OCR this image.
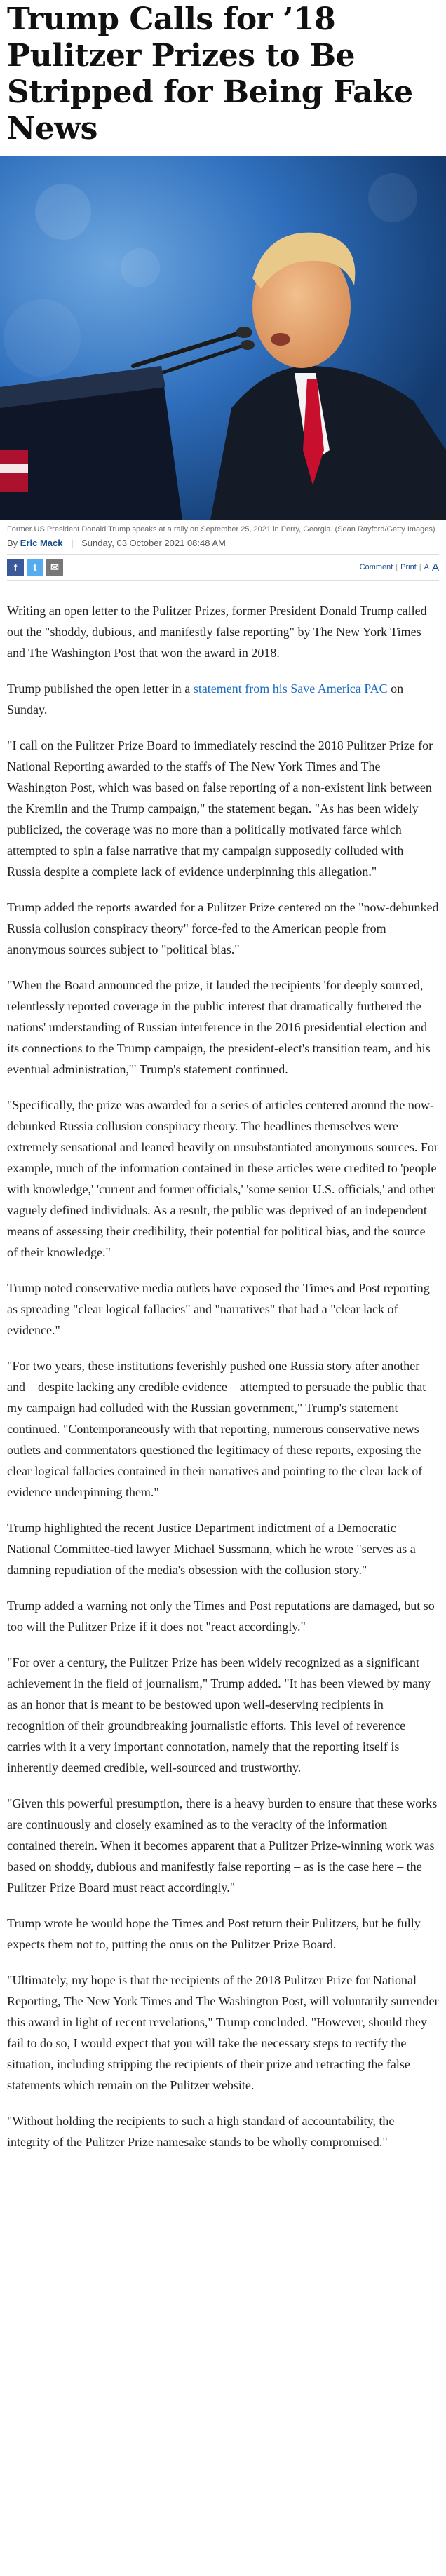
Trump Calls for ’18 Pulitzer Prizes to Be Stripped for Being Fake News
Former US President Donald Trump speaks at a rally on September 25, 2021 in Perry, Georgia. (Sean Rayford/Getty Images)
By Eric Mack | Sunday, 03 October 2021 08:48 AM
f t ✉	Comment | Print | A A

Writing an open letter to the Pulitzer Prizes, former President Donald Trump called out the "shoddy, dubious, and manifestly false reporting" by The New York Times and The Washington Post that won the award in 2018.

Trump published the open letter in a statement from his Save America PAC on Sunday.

"I call on the Pulitzer Prize Board to immediately rescind the 2018 Pulitzer Prize for National Reporting awarded to the staffs of The New York Times and The Washington Post, which was based on false reporting of a non-existent link between the Kremlin and the Trump campaign," the statement began. "As has been widely publicized, the coverage was no more than a politically motivated farce which attempted to spin a false narrative that my campaign supposedly colluded with Russia despite a complete lack of evidence underpinning this allegation."

Trump added the reports awarded for a Pulitzer Prize centered on the "now-debunked Russia collusion conspiracy theory" force-fed to the American people from anonymous sources subject to "political bias."

"When the Board announced the prize, it lauded the recipients 'for deeply sourced, relentlessly reported coverage in the public interest that dramatically furthered the nations' understanding of Russian interference in the 2016 presidential election and its connections to the Trump campaign, the president-elect's transition team, and his eventual administration,'" Trump's statement continued.

"Specifically, the prize was awarded for a series of articles centered around the now-debunked Russia collusion conspiracy theory. The headlines themselves were extremely sensational and leaned heavily on unsubstantiated anonymous sources. For example, much of the information contained in these articles were credited to 'people with knowledge,' 'current and former officials,' 'some senior U.S. officials,' and other vaguely defined individuals. As a result, the public was deprived of an independent means of assessing their credibility, their potential for political bias, and the source of their knowledge."

Trump noted conservative media outlets have exposed the Times and Post reporting as spreading "clear logical fallacies" and "narratives" that had a "clear lack of evidence."

"For two years, these institutions feverishly pushed one Russia story after another and – despite lacking any credible evidence – attempted to persuade the public that my campaign had colluded with the Russian government," Trump's statement continued. "Contemporaneously with that reporting, numerous conservative news outlets and commentators questioned the legitimacy of these reports, exposing the clear logical fallacies contained in their narratives and pointing to the clear lack of evidence underpinning them."

Trump highlighted the recent Justice Department indictment of a Democratic National Committee-tied lawyer Michael Sussmann, which he wrote "serves as a damning repudiation of the media's obsession with the collusion story."

Trump added a warning not only the Times and Post reputations are damaged, but so too will the Pulitzer Prize if it does not "react accordingly."

"For over a century, the Pulitzer Prize has been widely recognized as a significant achievement in the field of journalism," Trump added. "It has been viewed by many as an honor that is meant to be bestowed upon well-deserving recipients in recognition of their groundbreaking journalistic efforts. This level of reverence carries with it a very important connotation, namely that the reporting itself is inherently deemed credible, well-sourced and trustworthy.

"Given this powerful presumption, there is a heavy burden to ensure that these works are continuously and closely examined as to the veracity of the information contained therein. When it becomes apparent that a Pulitzer Prize-winning work was based on shoddy, dubious and manifestly false reporting – as is the case here – the Pulitzer Prize Board must react accordingly."

Trump wrote he would hope the Times and Post return their Pulitzers, but he fully expects them not to, putting the onus on the Pulitzer Prize Board.

"Ultimately, my hope is that the recipients of the 2018 Pulitzer Prize for National Reporting, The New York Times and The Washington Post, will voluntarily surrender this award in light of recent revelations," Trump concluded. "However, should they fail to do so, I would expect that you will take the necessary steps to rectify the situation, including stripping the recipients of their prize and retracting the false statements which remain on the Pulitzer website.

"Without holding the recipients to such a high standard of accountability, the integrity of the Pulitzer Prize namesake stands to be wholly compromised."
